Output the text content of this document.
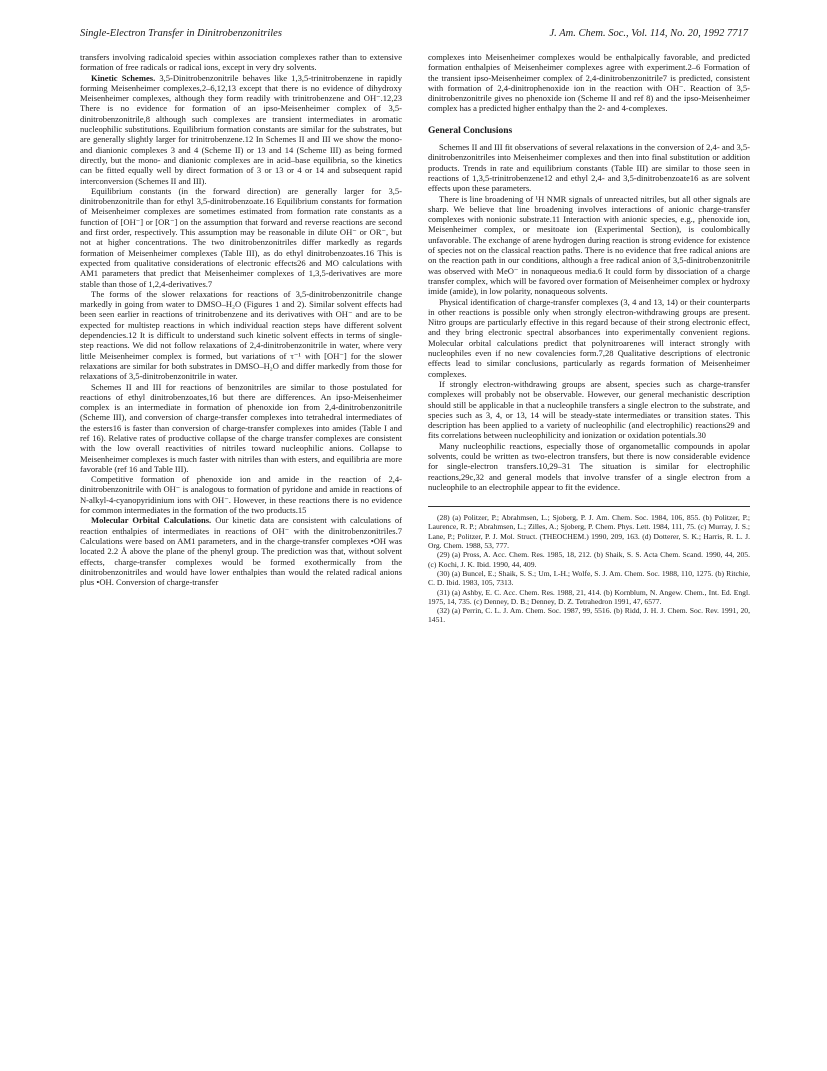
Single-Electron Transfer in Dinitrobenzonitriles	J. Am. Chem. Soc., Vol. 114, No. 20, 1992 7717

transfers involving radicaloid species within association complexes rather than to extensive formation of free radicals or radical ions, except in very dry solvents.

Kinetic Schemes. 3,5-Dinitrobenzonitrile behaves like 1,3,5-trinitrobenzene in rapidly forming Meisenheimer complexes,2–6,12,13 except that there is no evidence of dihydroxy Meisenheimer complexes, although they form readily with trinitrobenzene and OH⁻.12,23 There is no evidence for formation of an ipso-Meisenheimer complex of 3,5-dinitrobenzonitrile,8 although such complexes are transient intermediates in aromatic nucleophilic substitutions. Equilibrium formation constants are similar for the substrates, but are generally slightly larger for trinitrobenzene.12 In Schemes II and III we show the mono- and dianionic complexes 3 and 4 (Scheme II) or 13 and 14 (Scheme III) as being formed directly, but the mono- and dianionic complexes are in acid–base equilibria, so the kinetics can be fitted equally well by direct formation of 3 or 13 or 4 or 14 and subsequent rapid interconversion (Schemes II and III).

Equilibrium constants (in the forward direction) are generally larger for 3,5-dinitrobenzonitrile than for ethyl 3,5-dinitrobenzoate.16 Equilibrium constants for formation of Meisenheimer complexes are sometimes estimated from formation rate constants as a function of [OH⁻] or [OR⁻] on the assumption that forward and reverse reactions are second and first order, respectively. This assumption may be reasonable in dilute OH⁻ or OR⁻, but not at higher concentrations. The two dinitrobenzonitriles differ markedly as regards formation of Meisenheimer complexes (Table III), as do ethyl dinitrobenzoates.16 This is expected from qualitative considerations of electronic effects26 and MO calculations with AM1 parameters that predict that Meisenheimer complexes of 1,3,5-derivatives are more stable than those of 1,2,4-derivatives.7

The forms of the slower relaxations for reactions of 3,5-dinitrobenzonitrile change markedly in going from water to DMSO–H₂O (Figures 1 and 2). Similar solvent effects had been seen earlier in reactions of trinitrobenzene and its derivatives with OH⁻ and are to be expected for multistep reactions in which individual reaction steps have different solvent dependencies.12 It is difficult to understand such kinetic solvent effects in terms of single-step reactions. We did not follow relaxations of 2,4-dinitrobenzonitrile in water, where very little Meisenheimer complex is formed, but variations of τ⁻¹ with [OH⁻] for the slower relaxations are similar for both substrates in DMSO–H₂O and differ markedly from those for relaxations of 3,5-dinitrobenzonitrile in water.

Schemes II and III for reactions of benzonitriles are similar to those postulated for reactions of ethyl dinitrobenzoates,16 but there are differences. An ipso-Meisenheimer complex is an intermediate in formation of phenoxide ion from 2,4-dinitrobenzonitrile (Scheme III), and conversion of charge-transfer complexes into tetrahedral intermediates of the esters16 is faster than conversion of charge-transfer complexes into amides (Table I and ref 16). Relative rates of productive collapse of the charge transfer complexes are consistent with the low overall reactivities of nitriles toward nucleophilic anions. Collapse to Meisenheimer complexes is much faster with nitriles than with esters, and equilibria are more favorable (ref 16 and Table III).

Competitive formation of phenoxide ion and amide in the reaction of 2,4-dinitrobenzonitrile with OH⁻ is analogous to formation of pyridone and amide in reactions of N-alkyl-4-cyanopyridinium ions with OH⁻. However, in these reactions there is no evidence for common intermediates in the formation of the two products.15

Molecular Orbital Calculations. Our kinetic data are consistent with calculations of reaction enthalpies of intermediates in reactions of OH⁻ with the dinitrobenzonitriles.7 Calculations were based on AM1 parameters, and in the charge-transfer complexes •OH was located 2.2 Å above the plane of the phenyl group. The prediction was that, without solvent effects, charge-transfer complexes would be formed exothermically from the dinitrobenzonitriles and would have lower enthalpies than would the related radical anions plus •OH. Conversion of charge-transfer

complexes into Meisenheimer complexes would be enthalpically favorable, and predicted formation enthalpies of Meisenheimer complexes agree with experiment.2–6 Formation of the transient ipso-Meisenheimer complex of 2,4-dinitrobenzonitrile7 is predicted, consistent with formation of 2,4-dinitrophenoxide ion in the reaction with OH⁻. Reaction of 3,5-dinitrobenzonitrile gives no phenoxide ion (Scheme II and ref 8) and the ipso-Meisenheimer complex has a predicted higher enthalpy than the 2- and 4-complexes.

General Conclusions

Schemes II and III fit observations of several relaxations in the conversion of 2,4- and 3,5-dinitrobenzonitriles into Meisenheimer complexes and then into final substitution or addition products. Trends in rate and equilibrium constants (Table III) are similar to those seen in reactions of 1,3,5-trinitrobenzene12 and ethyl 2,4- and 3,5-dinitrobenzoate16 as are solvent effects upon these parameters.

There is line broadening of ¹H NMR signals of unreacted nitriles, but all other signals are sharp. We believe that line broadening involves interactions of anionic charge-transfer complexes with nonionic substrate.11 Interaction with anionic species, e.g., phenoxide ion, Meisenheimer complex, or mesitoate ion (Experimental Section), is coulombically unfavorable. The exchange of arene hydrogen during reaction is strong evidence for existence of species not on the classical reaction paths. There is no evidence that free radical anions are on the reaction path in our conditions, although a free radical anion of 3,5-dinitrobenzonitrile was observed with MeO⁻ in nonaqueous media.6 It could form by dissociation of a charge transfer complex, which will be favored over formation of Meisenheimer complex or hydroxy imide (amide), in low polarity, nonaqueous solvents.

Physical identification of charge-transfer complexes (3, 4 and 13, 14) or their counterparts in other reactions is possible only when strongly electron-withdrawing groups are present. Nitro groups are particularly effective in this regard because of their strong electronic effect, and they bring electronic spectral absorbances into experimentally convenient regions. Molecular orbital calculations predict that polynitroarenes will interact strongly with nucleophiles even if no new covalencies form.7,28 Qualitative descriptions of electronic effects lead to similar conclusions, particularly as regards formation of Meisenheimer complexes.

If strongly electron-withdrawing groups are absent, species such as charge-transfer complexes will probably not be observable. However, our general mechanistic description should still be applicable in that a nucleophile transfers a single electron to the substrate, and species such as 3, 4, or 13, 14 will be steady-state intermediates or transition states. This description has been applied to a variety of nucleophilic (and electrophilic) reactions29 and fits correlations between nucleophilicity and ionization or oxidation potentials.30

Many nucleophilic reactions, especially those of organometallic compounds in apolar solvents, could be written as two-electron transfers, but there is now considerable evidence for single-electron transfers.10,29–31 The situation is similar for electrophilic reactions,29c,32 and general models that involve transfer of a single electron from a nucleophile to an electrophile appear to fit the evidence.

(28) (a) Politzer, P.; Abrahmsen, L.; Sjoberg, P. J. Am. Chem. Soc. 1984, 106, 855. (b) Politzer, P.; Laurence, R. P.; Abrahmsen, L.; Zilles, A.; Sjoberg, P. Chem. Phys. Lett. 1984, 111, 75. (c) Murray, J. S.; Lane, P.; Politzer, P. J. Mol. Struct. (THEOCHEM.) 1990, 209, 163. (d) Dotterer, S. K.; Harris, R. L. J. Org. Chem. 1988, 53, 777.

(29) (a) Pross, A. Acc. Chem. Res. 1985, 18, 212. (b) Shaik, S. S. Acta Chem. Scand. 1990, 44, 205. (c) Kochi, J. K. Ibid. 1990, 44, 409.

(30) (a) Buncel, E.; Shaik, S. S.; Um, I.-H.; Wolfe, S. J. Am. Chem. Soc. 1988, 110, 1275. (b) Ritchie, C. D. Ibid. 1983, 105, 7313.

(31) (a) Ashby, E. C. Acc. Chem. Res. 1988, 21, 414. (b) Kornblum, N. Angew. Chem., Int. Ed. Engl. 1975, 14, 735. (c) Denney, D. B.; Denney, D. Z. Tetrahedron 1991, 47, 6577.

(32) (a) Perrin, C. L. J. Am. Chem. Soc. 1987, 99, 5516. (b) Ridd, J. H. J. Chem. Soc. Rev. 1991, 20, 1451.
